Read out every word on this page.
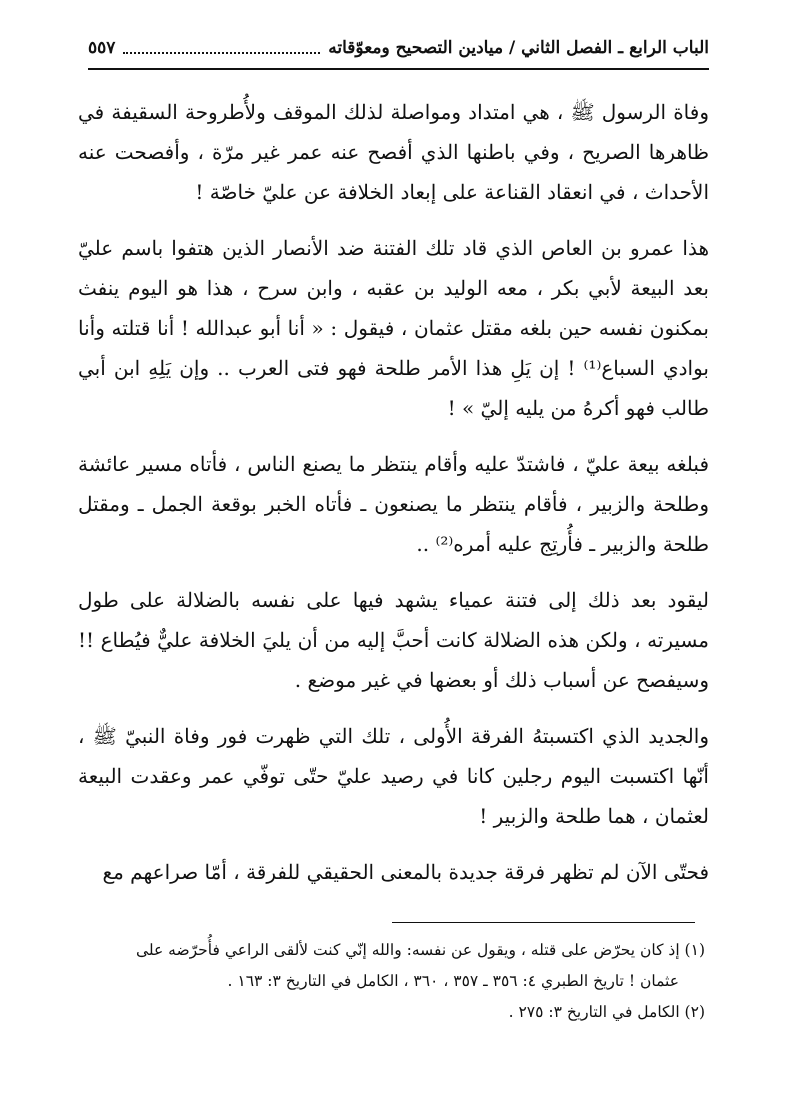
الباب الرابع ـ الفصل الثاني / ميادين التصحيح ومعوّقاته
٥٥٧

وفاة الرسول ﷺ ، هي امتداد ومواصلة لذلك الموقف ولأُطروحة السقيفة في ظاهرها الصريح ، وفي باطنها الذي أفصح عنه عمر غير مرّة ، وأفصحت عنه الأحداث ، في انعقاد القناعة على إبعاد الخلافة عن عليّ خاصّة !

هذا عمرو بن العاص الذي قاد تلك الفتنة ضد الأنصار الذين هتفوا باسم عليّ بعد البيعة لأبي بكر ، معه الوليد بن عقبه ، وابن سرح ، هذا هو اليوم ينفث بمكنون نفسه حين بلغه مقتل عثمان ، فيقول : « أنا أبو عبدالله ! أنا قتلته وأنا بوادي السباع⁽¹⁾ ! إن يَلِ هذا الأمر طلحة فهو فتى العرب .. وإن يَلِهِ ابن أبي طالب فهو أكرهُ من يليه إليّ » !

فبلغه بيعة عليّ ، فاشتدّ عليه وأقام ينتظر ما يصنع الناس ، فأتاه مسير عائشة وطلحة والزبير ، فأقام ينتظر ما يصنعون ـ فأتاه الخبر بوقعة الجمل ـ ومقتل طلحة والزبير ـ فأُرتِج عليه أمره⁽²⁾ ..

ليقود بعد ذلك إلى فتنة عمياء يشهد فيها على نفسه بالضلالة على طول مسيرته ، ولكن هذه الضلالة كانت أحبَّ إليه من أن يليَ الخلافة عليٌّ فيُطاع !! وسيفصح عن أسباب ذلك أو بعضها في غير موضع .

والجديد الذي اكتسبتهُ الفرقة الأُولى ، تلك التي ظهرت فور وفاة النبيّ ﷺ ، أنّها اكتسبت اليوم رجلين كانا في رصيد عليّ حتّى توفّي عمر وعقدت البيعة لعثمان ، هما طلحة والزبير !

فحتّى الآن لم تظهر فرقة جديدة بالمعنى الحقيقي للفرقة ، أمّا صراعهم مع

(١) إذ كان يحرّض على قتله ، ويقول عن نفسه: والله إنّي كنت لألقى الراعي فأُحرّضه على

عثمان ! تاريخ الطبري ٤: ٣٥٦ ـ ٣٥٧ ، ٣٦٠ ، الكامل في التاريخ ٣: ١٦٣ .

(٢) الكامل في التاريخ ٣: ٢٧٥ .
